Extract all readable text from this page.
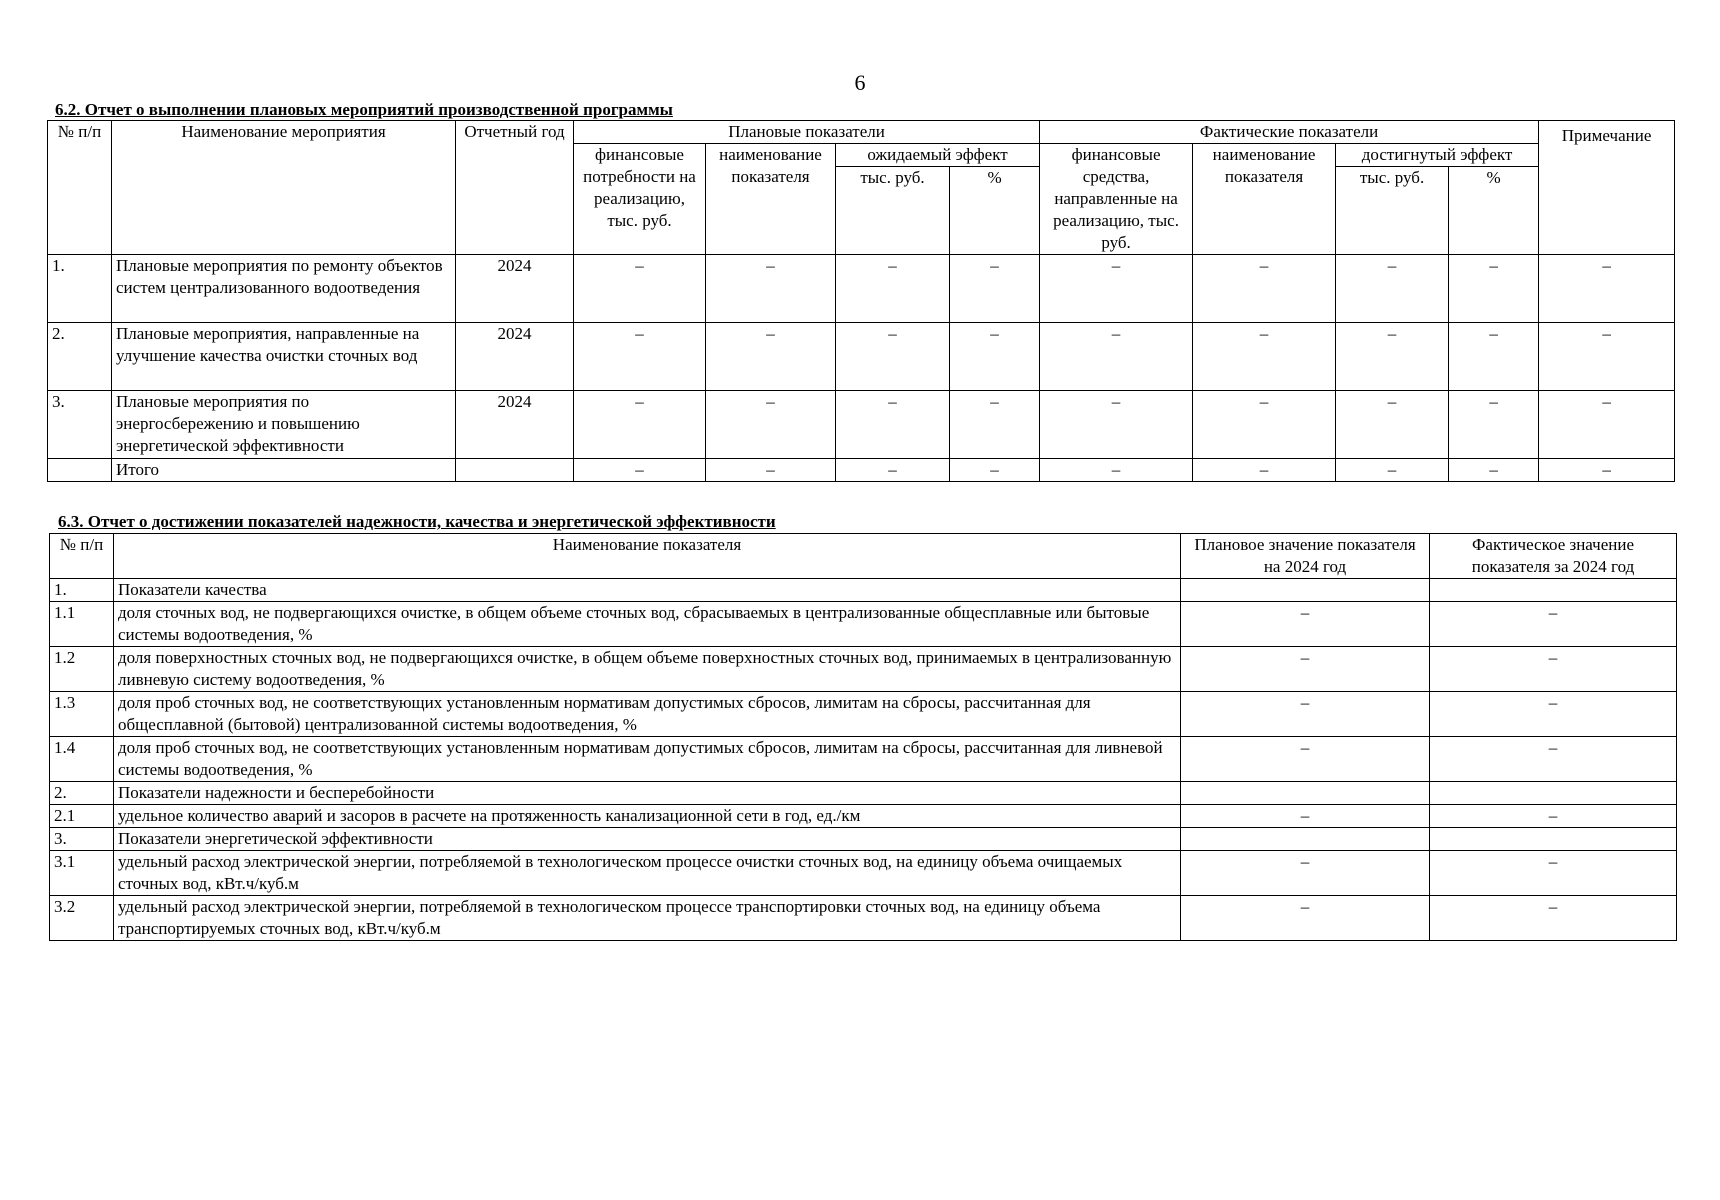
6
6.2. Отчет о выполнении плановых мероприятий производственной программы
№ п/п	Наименование мероприятия	Отчетный год	Плановые показатели				Фактические показатели				Примечание
			финансовые потребности на реализацию, тыс. руб.	наименование показателя	ожидаемый эффект		финансовые средства, направленные на реализацию, тыс. руб.	наименование показателя	достигнутый эффект		
					тыс. руб.	%			тыс. руб.	%	
1.	Плановые мероприятия по ремонту объектов систем централизованного водоотведения	2024	–	–	–	–	–	–	–	–	–
2.	Плановые мероприятия, направленные на улучшение качества очистки сточных вод	2024	–	–	–	–	–	–	–	–	–
3.	Плановые мероприятия по энергосбережению и повышению энергетической эффективности	2024	–	–	–	–	–	–	–	–	–
	Итого		–	–	–	–	–	–	–	–	–
6.3. Отчет о достижении показателей надежности, качества и энергетической эффективности
№ п/п	Наименование показателя	Плановое значение показателя на 2024 год	Фактическое значение показателя за 2024 год
1.	Показатели качества		
1.1	доля сточных вод, не подвергающихся очистке, в общем объеме сточных вод, сбрасываемых в централизованные общесплавные или бытовые системы водоотведения, %	–	–
1.2	доля поверхностных сточных вод, не подвергающихся очистке, в общем объеме поверхностных сточных вод, принимаемых в централизованную ливневую систему водоотведения, %	–	–
1.3	доля проб сточных вод, не соответствующих установленным нормативам допустимых сбросов, лимитам на сбросы, рассчитанная для общесплавной (бытовой) централизованной системы водоотведения, %	–	–
1.4	доля проб сточных вод, не соответствующих установленным нормативам допустимых сбросов, лимитам на сбросы, рассчитанная для ливневой системы водоотведения, %	–	–
2.	Показатели надежности и бесперебойности		
2.1	удельное количество аварий и засоров в расчете на протяженность канализационной сети в год, ед./км	–	–
3.	Показатели энергетической эффективности		
3.1	удельный расход электрической энергии, потребляемой в технологическом процессе очистки сточных вод, на единицу объема очищаемых сточных вод, кВт.ч/куб.м	–	–
3.2	удельный расход электрической энергии, потребляемой в технологическом процессе транспортировки сточных вод, на единицу объема транспортируемых сточных вод, кВт.ч/куб.м	–	–
